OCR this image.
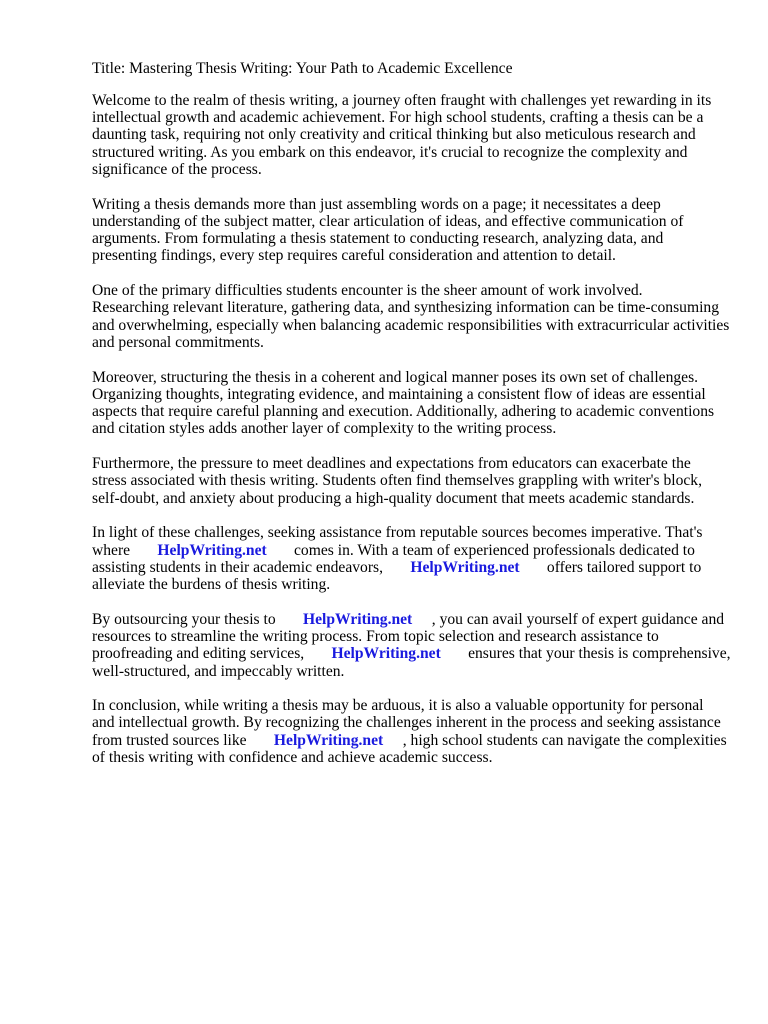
Title: Mastering Thesis Writing: Your Path to Academic Excellence
Welcome to the realm of thesis writing, a journey often fraught with challenges yet rewarding in its
intellectual growth and academic achievement. For high school students, crafting a thesis can be a
daunting task, requiring not only creativity and critical thinking but also meticulous research and
structured writing. As you embark on this endeavor, it's crucial to recognize the complexity and
significance of the process.
Writing a thesis demands more than just assembling words on a page; it necessitates a deep
understanding of the subject matter, clear articulation of ideas, and effective communication of
arguments. From formulating a thesis statement to conducting research, analyzing data, and
presenting findings, every step requires careful consideration and attention to detail.
One of the primary difficulties students encounter is the sheer amount of work involved.
Researching relevant literature, gathering data, and synthesizing information can be time-consuming
and overwhelming, especially when balancing academic responsibilities with extracurricular activities
and personal commitments.
Moreover, structuring the thesis in a coherent and logical manner poses its own set of challenges.
Organizing thoughts, integrating evidence, and maintaining a consistent flow of ideas are essential
aspects that require careful planning and execution. Additionally, adhering to academic conventions
and citation styles adds another layer of complexity to the writing process.
Furthermore, the pressure to meet deadlines and expectations from educators can exacerbate the
stress associated with thesis writing. Students often find themselves grappling with writer's block,
self-doubt, and anxiety about producing a high-quality document that meets academic standards.
In light of these challenges, seeking assistance from reputable sources becomes imperative. That's
where HelpWriting.net comes in. With a team of experienced professionals dedicated to
assisting students in their academic endeavors, HelpWriting.net offers tailored support to
alleviate the burdens of thesis writing.
By outsourcing your thesis to HelpWriting.net , you can avail yourself of expert guidance and
resources to streamline the writing process. From topic selection and research assistance to
proofreading and editing services, HelpWriting.net ensures that your thesis is comprehensive,
well-structured, and impeccably written.
In conclusion, while writing a thesis may be arduous, it is also a valuable opportunity for personal
and intellectual growth. By recognizing the challenges inherent in the process and seeking assistance
from trusted sources like HelpWriting.net , high school students can navigate the complexities
of thesis writing with confidence and achieve academic success.
